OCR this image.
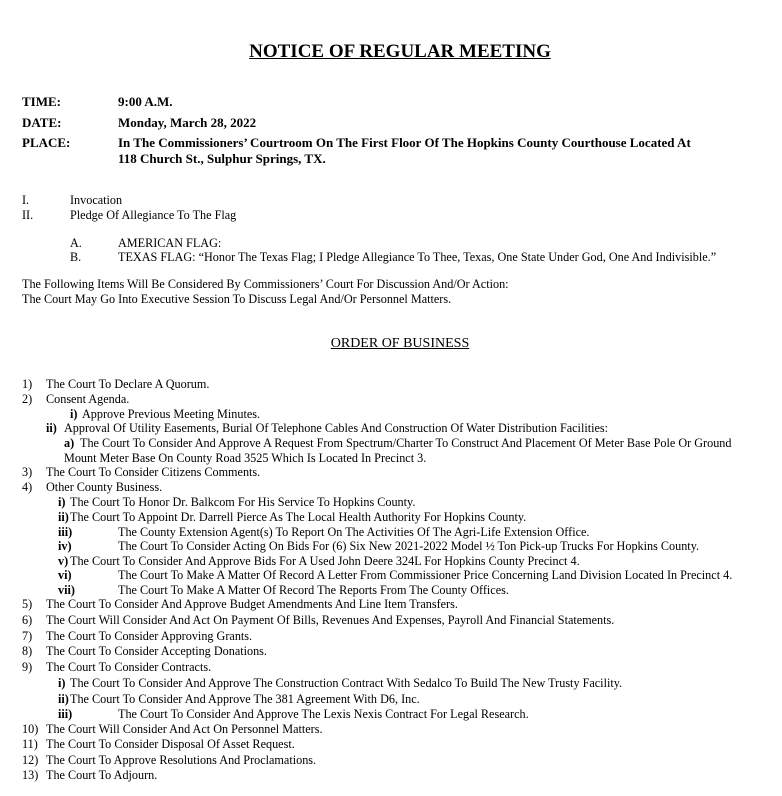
NOTICE OF REGULAR MEETING
TIME:	9:00 A.M.
DATE:	Monday, March 28, 2022
PLACE:	In The Commissioners’ Courtroom On The First Floor Of The Hopkins County Courthouse Located At
118 Church St., Sulphur Springs, TX.
I.	Invocation
II.	Pledge Of Allegiance To The Flag
A.	AMERICAN FLAG:
B.	TEXAS FLAG: “Honor The Texas Flag; I Pledge Allegiance To Thee, Texas, One State Under God, One And Indivisible.”
The Following Items Will Be Considered By Commissioners’ Court For Discussion And/Or Action:
The Court May Go Into Executive Session To Discuss Legal And/Or Personnel Matters.
ORDER OF BUSINESS
1) The Court To Declare A Quorum.
2) Consent Agenda.
i) Approve Previous Meeting Minutes.
ii) Approval Of Utility Easements, Burial Of Telephone Cables And Construction Of Water Distribution Facilities:
a) The Court To Consider And Approve A Request From Spectrum/Charter To Construct And Placement Of Meter Base Pole Or Ground
Mount Meter Base On County Road 3525 Which Is Located In Precinct 3.
3) The Court To Consider Citizens Comments.
4) Other County Business.
i) The Court To Honor Dr. Balkcom For His Service To Hopkins County.
ii) The Court To Appoint Dr. Darrell Pierce As The Local Health Authority For Hopkins County.
iii)	The County Extension Agent(s) To Report On The Activities Of The Agri-Life Extension Office.
iv)	The Court To Consider Acting On Bids For (6) Six New 2021-2022 Model ½ Ton Pick-up Trucks For Hopkins County.
v) The Court To Consider And Approve Bids For A Used John Deere 324L For Hopkins County Precinct 4.
vi)	The Court To Make A Matter Of Record A Letter From Commissioner Price Concerning Land Division Located In Precinct 4.
vii)	The Court To Make A Matter Of Record The Reports From The County Offices.
5) The Court To Consider And Approve Budget Amendments And Line Item Transfers.
6) The Court Will Consider And Act On Payment Of Bills, Revenues And Expenses, Payroll And Financial Statements.
7) The Court To Consider Approving Grants.
8) The Court To Consider Accepting Donations.
9) The Court To Consider Contracts.
i) The Court To Consider And Approve The Construction Contract With Sedalco To Build The New Trusty Facility.
ii) The Court To Consider And Approve The 381 Agreement With D6, Inc.
iii)	The Court To Consider And Approve The Lexis Nexis Contract For Legal Research.
10) The Court Will Consider And Act On Personnel Matters.
11) The Court To Consider Disposal Of Asset Request.
12) The Court To Approve Resolutions And Proclamations.
13) The Court To Adjourn.
